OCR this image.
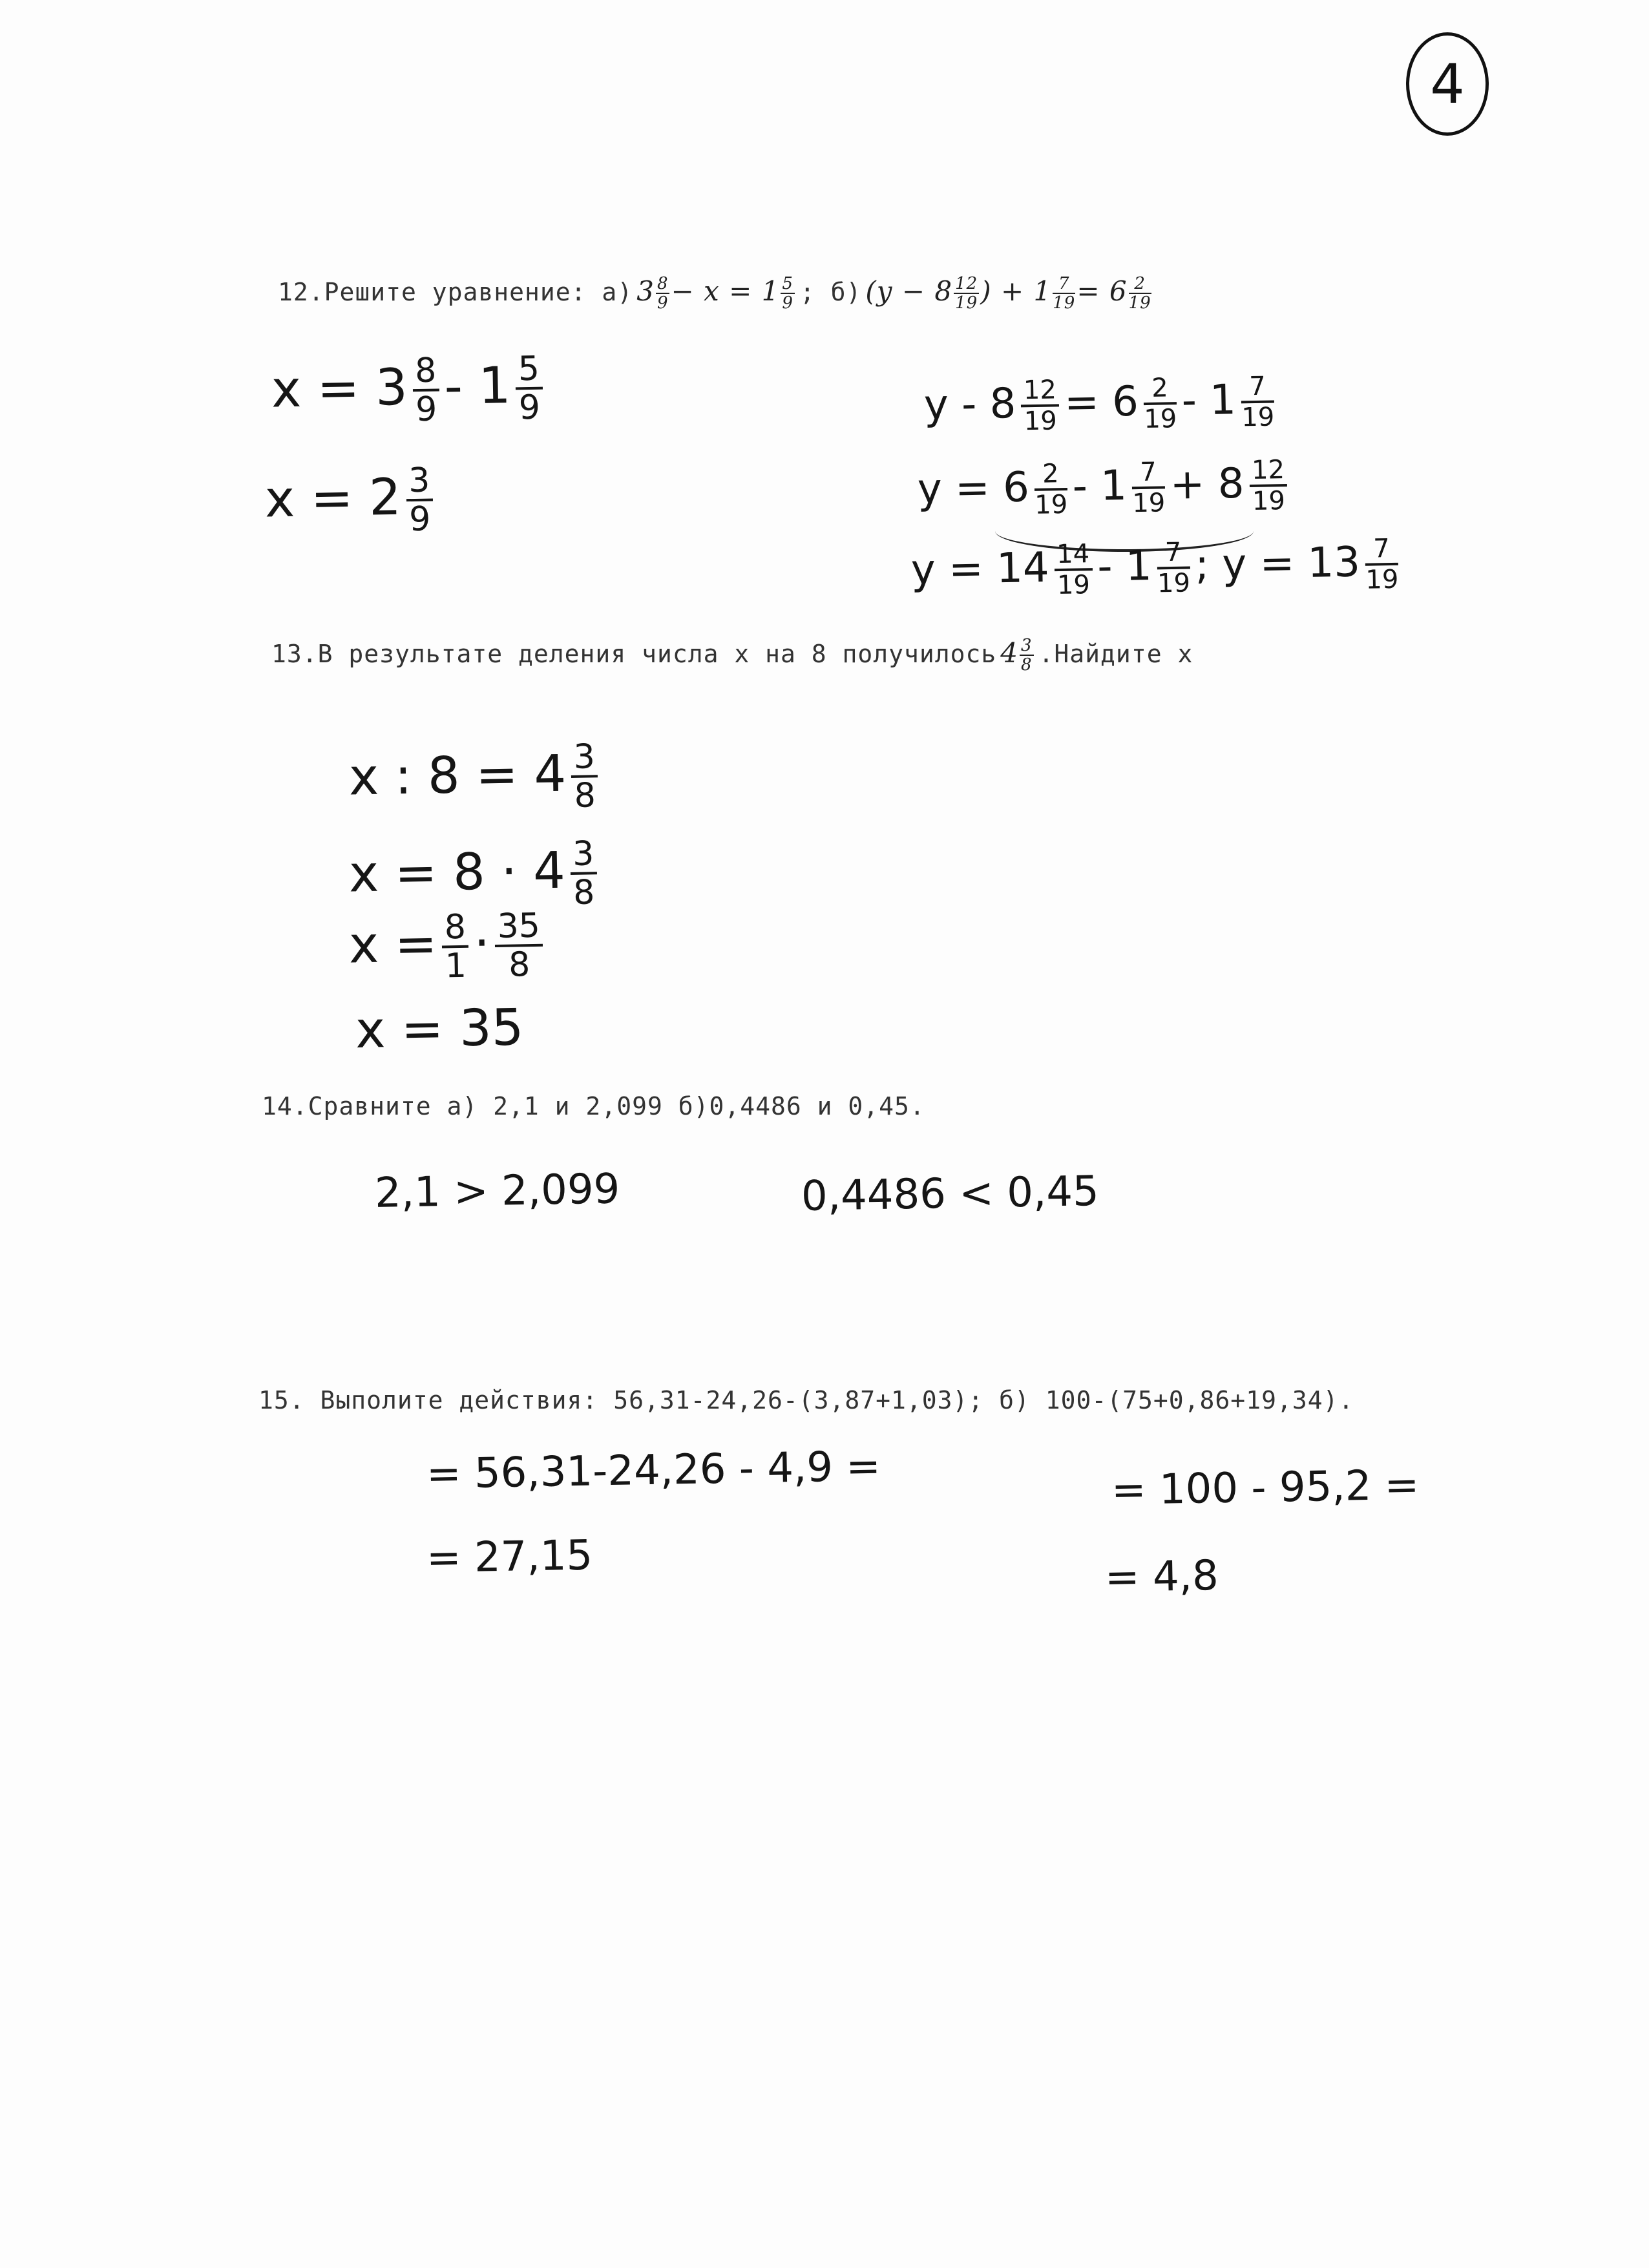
4
12.Решите уравнение: а) $3 \frac{8}{9} - x = 1 \frac{5}{9}$ ; б) ($y - 8 \frac{12}{19}$ ) + $1 \frac{7}{19} = 6 \frac{2}{19}$
$x = 3 \frac{8}{9} - 1 \frac{5}{9}$
$x = 2 \frac{3}{9}$
$y - 8 \frac{12}{19} = 6 \frac{2}{19} - 1 \frac{7}{19}$
$y = 6 \frac{2}{19} - 1 \frac{7}{19} + 8 \frac{12}{19}$
$y = 14 \frac{14}{19} - 1 \frac{7}{19}$ ; $y = 13 \frac{7}{19}$
13.В результате деления числа x на 8 получилось $4 \frac{3}{8}$ .Найдите x
x : $8 = 4 \frac{3}{8}$
$x = 8 \cdot 4 \frac{3}{8}$
$x = \frac{8}{1} \cdot \frac{35}{8}$
x = 35
14.Сравните а) 2,1 и 2,099 б)0,4486 и 0,45.
2,1 > 2,099	0,4486 < 0,45
15. Выполите действия: 56,31-24,26-(3,87+1,03); б) 100-(75+0,86+19,34).
= 56,31-24,26 - 4,9 =
= 27,15
= 100 - 95,2 =
= 4,8
